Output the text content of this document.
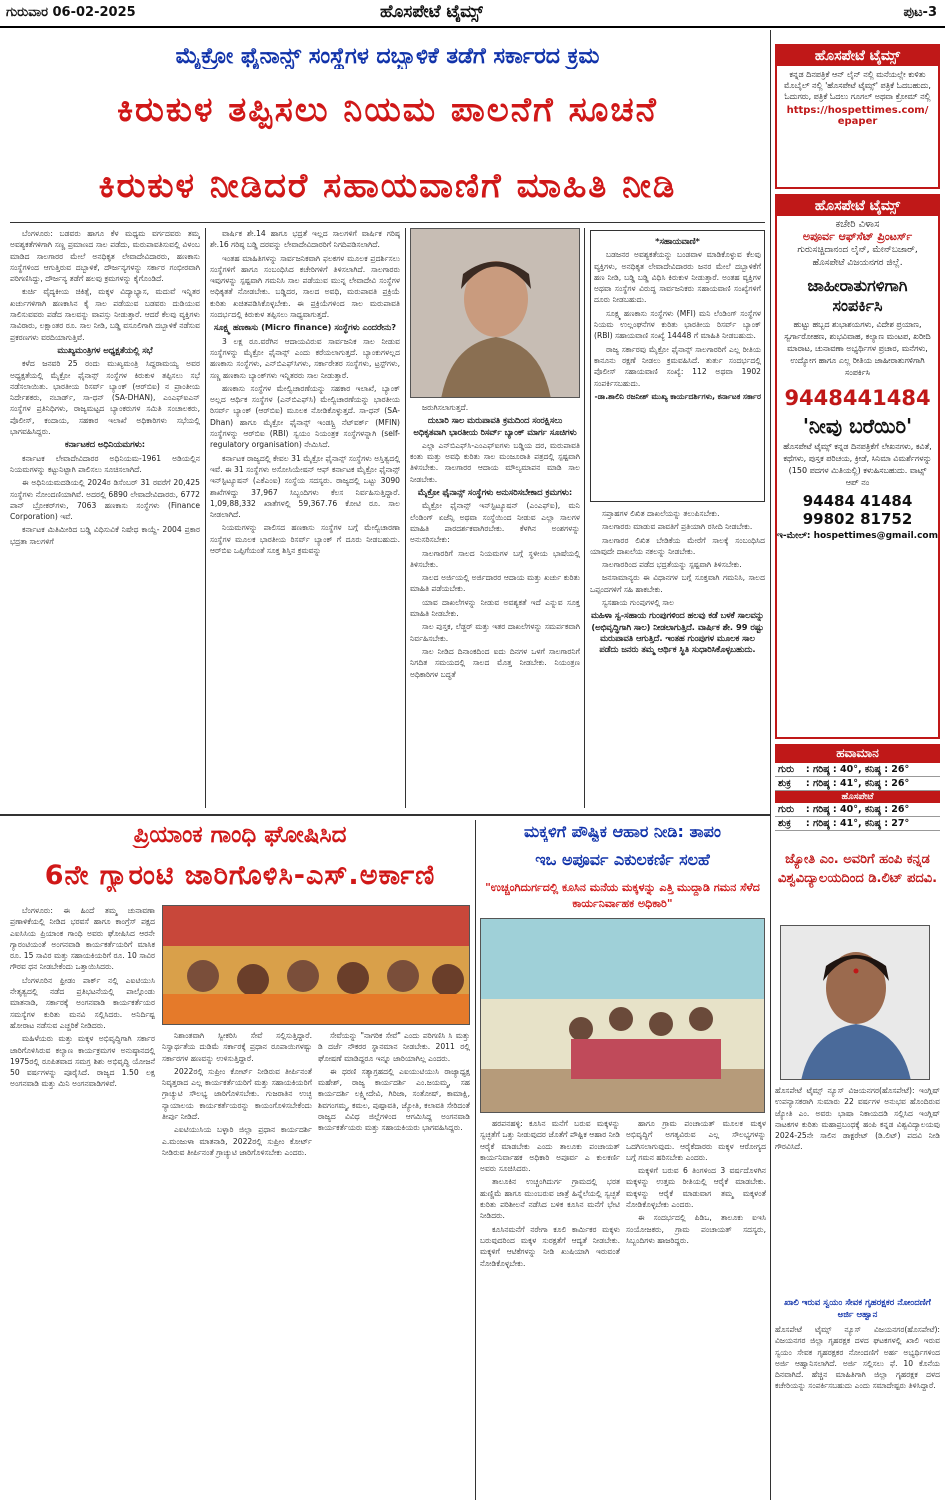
ಗುರುವಾರ 06-02-2025	ಹೊಸಪೇಟೆ ಟೈಮ್ಸ್	ಪುಟ-3
ಮೈಕ್ರೋ ಫೈನಾನ್ಸ್ ಸಂಸ್ಥೆಗಳ ದಬ್ಬಾಳಿಕೆ ತಡೆಗೆ ಸರ್ಕಾರದ ಕ್ರಮ
ಕಿರುಕುಳ ತಪ್ಪಿಸಲು ನಿಯಮ ಪಾಲನೆಗೆ ಸೂಚನೆ
ಕಿರುಕುಳ ನೀಡಿದರೆ ಸಹಾಯವಾಣಿಗೆ ಮಾಹಿತಿ ನೀಡಿ

ಬೆಂಗಳೂರು: ಬಡವರು ಹಾಗೂ ಕೆಳ ಮಧ್ಯಮ ವರ್ಗದವರು ತಮ್ಮ ಅವಶ್ಯಕತೆಗಳಿಗಾಗಿ ಸಣ್ಣ ಪ್ರಮಾಣದ ಸಾಲ ಪಡೆದು, ಮರುಪಾವತಿಸುವಲ್ಲಿ ವಿಳಂಬ ಮಾಡಿದ ಸಾಲಗಾರರ ಮೇಲೆ ಅನಧಿಕೃತ ಲೇವಾದೇವಿದಾರರು, ಹಣಕಾಸು ಸಂಸ್ಥೆಗಳಿಂದ ಆಗುತ್ತಿರುವ ದಬ್ಬಾಳಿಕೆ, ದೌರ್ಜನ್ಯಗಳನ್ನು ಸರ್ಕಾರ ಗಂಭೀರವಾಗಿ ಪರಿಗಣಿಸಿದ್ದು, ದೌರ್ಜನ್ಯ ತಡೆಗೆ ಹಲವು ಕ್ರಮಗಳನ್ನು ಕೈಗೊಂಡಿದೆ.

ಕುರ್ಚಿ ವೈದ್ಯಕೀಯ ಚಿಕಿತ್ಸೆ, ಮಕ್ಕಳ ವಿದ್ಯಾಭ್ಯಾಸ, ಮದುವೆ ಇನ್ನಿತರ ಖರ್ಚುಗಳಿಗಾಗಿ ಹಣಕಾಸಿನ ಕೈ ಸಾಲ ಪಡೆಯುವ ಬಡವರು ದುಡಿಯುವ ಸಾಲಿಸುವವರು ಪಡೆದ ಸಾಲವನ್ನು ವಾಪಸ್ಸು ನೀಡುತ್ತಾರೆ. ಆದರೆ ಕೆಲವು ವ್ಯಕ್ತಿಗಳು ಸಾವಿರಾರು, ಲಕ್ಷಾಂತರ ರೂ. ಸಾಲ ನೀಡಿ, ಬಡ್ಡಿ ವಸೂಲಿಗಾಗಿ ದಬ್ಬಾಳಿಕೆ ನಡೆಸುವ ಪ್ರಕರಣಗಳು ವರದಿಯಾಗುತ್ತಿವೆ.

ಮುಖ್ಯಮಂತ್ರಿಗಳ ಅಧ್ಯಕ್ಷತೆಯಲ್ಲಿ ಸಭೆ

ಕಳೆದ ಜನವರಿ 25 ರಂದು ಮುಖ್ಯಮಂತ್ರಿ ಸಿದ್ದರಾಮಯ್ಯ ಅವರ ಅಧ್ಯಕ್ಷತೆಯಲ್ಲಿ ಮೈಕ್ರೋ ಫೈನಾನ್ಸ್ ಸಂಸ್ಥೆಗಳ ಕಿರುಕುಳ ತಪ್ಪಿಸಲು ಸಭೆ ನಡೆಸಲಾಯಿತು. ಭಾರತೀಯ ರಿಸರ್ವ್ ಬ್ಯಾಂಕ್ (ಆರ್‌ಬಿಐ) ನ ಪ್ರಾಂತೀಯ ನಿರ್ದೇಶಕರು, ನಬಾರ್ಡ್, ಸಾ-ಧನ್ (SA-DHAN), ಎಂಎಫ್‌ಐಎನ್ ಸಂಸ್ಥೆಗಳ ಪ್ರತಿನಿಧಿಗಳು, ರಾಜ್ಯಮಟ್ಟದ ಬ್ಯಾಂಕರುಗಳ ಸಮಿತಿ ಸಂಚಾಲಕರು, ಪೊಲೀಸ್, ಕಂದಾಯ, ಸಹಕಾರ ಇಲಾಖೆ ಅಧಿಕಾರಿಗಳು ಸಭೆಯಲ್ಲಿ ಭಾಗವಹಿಸಿದ್ದರು.

ಕರ್ನಾಟಕದ ಅಧಿನಿಯಮಗಳು:

ಕರ್ನಾಟಕ ಲೇವಾದೇವಿದಾರರ ಅಧಿನಿಯಮ-1961 ಅಡಿಯಲ್ಲಿನ ನಿಯಮಗಳನ್ನು ಕಟ್ಟುನಿಟ್ಟಾಗಿ ಪಾಲಿಸಲು ಸೂಚಿಸಲಾಗಿದೆ.

ಈ ಅಧಿನಿಯಮದಡಿಯಲ್ಲಿ 2024ರ ಡಿಸೆಂಬರ್ 31 ರವರೆಗೆ 20,425 ಸಂಸ್ಥೆಗಳು ನೋಂದಣಿಯಾಗಿವೆ. ಅದರಲ್ಲಿ 6890 ಲೇವಾದೇವಿದಾರರು, 6772 ಪಾನ್ ಬ್ರೋಕರ್‌ಗಳು, 7063 ಹಣಕಾಸು ಸಂಸ್ಥೆಗಳು (Finance Corporation) ಇವೆ.

ಕರ್ನಾಟಕ ಮಿತಿಮೀರಿದ ಬಡ್ಡಿ ವಿಧಿಸುವಿಕೆ ನಿಷೇಧ ಕಾಯ್ದೆ- 2004 ಪ್ರಕಾರ ಭದ್ರತಾ ಸಾಲಗಳಿಗೆ

ವಾರ್ಷಿಕ ಶೇ.14 ಹಾಗೂ ಭದ್ರತೆ ಇಲ್ಲದ ಸಾಲಗಳಿಗೆ ವಾರ್ಷಿಕ ಗರಿಷ್ಠ ಶೇ.16 ಗರಿಷ್ಠ ಬಡ್ಡಿ ದರವನ್ನು ಲೇವಾದೇವಿದಾರರಿಗೆ ನಿಗದಿಪಡಿಸಲಾಗಿದೆ.

ಇಂತಹ ಮಾಹಿತಿಗಳನ್ನು ಸಾರ್ವಜನಿಕವಾಗಿ ಫಲಕಗಳ ಮೂಲಕ ಪ್ರದರ್ಶಿಸಲು ಸಂಸ್ಥೆಗಳಿಗೆ ಹಾಗೂ ಸಂಬಂಧಿಸಿದ ಕಚೇರಿಗಳಿಗೆ ತಿಳಿಸಲಾಗಿದೆ. ಸಾಲಗಾರರು ಇವುಗಳನ್ನು ಸ್ಪಷ್ಟವಾಗಿ ಗಮನಿಸಿ ಸಾಲ ಪಡೆಯುವ ಮುನ್ನ ಲೇವಾದೇವಿ ಸಂಸ್ಥೆಗಳ ಅಧಿಕೃತತೆ ನೋಡಬೇಕು. ಬಡ್ಡಿದರ, ಸಾಲದ ಅವಧಿ, ಮರುಪಾವತಿ ಪ್ರಕ್ರಿಯೆ ಕುರಿತು ಖಚಿತಪಡಿಸಿಕೊಳ್ಳಬೇಕು. ಈ ಪ್ರಕ್ರಿಯೆಗಳಿಂದ ಸಾಲ ಮರುಪಾವತಿ ಸಂದರ್ಭದಲ್ಲಿ ಕಿರುಕುಳ ತಪ್ಪಿಸಲು ಸಾಧ್ಯವಾಗುತ್ತದೆ.

ಸೂಕ್ಷ್ಮ ಹಣಕಾಸು (Micro finance) ಸಂಸ್ಥೆಗಳು ಎಂದರೇನು?

3 ಲಕ್ಷ ರೂ.ವರೆಗಿನ ಆದಾಯವಿರುವ ಸಾರ್ವಜನಿಕ ಸಾಲ ನೀಡುವ ಸಂಸ್ಥೆಗಳನ್ನು ಮೈಕ್ರೋ ಫೈನಾನ್ಸ್ ಎಂದು ಕರೆಯಲಾಗುತ್ತದೆ. ಬ್ಯಾಂಕುಗಳಲ್ಲದ ಹಣಕಾಸು ಸಂಸ್ಥೆಗಳು, ಎನ್‌ಬಿಎಫ್‌ಸಿಗಳು, ಸರ್ಕಾರೇತರ ಸಂಸ್ಥೆಗಳು, ಟ್ರಸ್ಟ್‌ಗಳು, ಸಣ್ಣ ಹಣಕಾಸು ಬ್ಯಾಂಕ್‌ಗಳು ಇನ್ನಿತರರು ಸಾಲ ನೀಡುತ್ತಾರೆ.

ಹಣಕಾಸು ಸಂಸ್ಥೆಗಳ ಮೇಲ್ವಿಚಾರಣೆಯನ್ನು ಸಹಕಾರ ಇಲಾಖೆ, ಬ್ಯಾಂಕ್ ಅಲ್ಲದ ಆರ್ಥಿಕ ಸಂಸ್ಥೆಗಳ (ಎನ್‌ಬಿಎಫ್‌ಸಿ) ಮೇಲ್ವಿಚಾರಣೆಯನ್ನು ಭಾರತೀಯ ರಿಸರ್ವ್ ಬ್ಯಾಂಕ್ (ಆರ್‌ಬಿಐ) ಮೂಲಕ ನೋಡಿಕೊಳ್ಳುತ್ತದೆ. ಸಾ-ಧನ್ (SA-Dhan) ಹಾಗೂ ಮೈಕ್ರೋ ಫೈನಾನ್ಸ್ ಇಂಡಸ್ಟ್ರಿ ನೆಟ್‌ವರ್ಕ್ (MFIN) ಸಂಸ್ಥೆಗಳನ್ನು ಆರ್‌ಬಿಐ (RBI) ಸ್ವಯಂ ನಿಯಂತ್ರಕ ಸಂಸ್ಥೆಗಳನ್ನಾಗಿ (self-regulatory organisation) ನೇಮಿಸಿದೆ.

ಕರ್ನಾಟಕ ರಾಜ್ಯದಲ್ಲಿ ಕೇವಲ 31 ಮೈಕ್ರೋ ಫೈನಾನ್ಸ್ ಸಂಸ್ಥೆಗಳು ಅಸ್ತಿತ್ವದಲ್ಲಿ ಇವೆ. ಈ 31 ಸಂಸ್ಥೆಗಳು ಅಸೋಸಿಯೇಷನ್ ಆಫ್ ಕರ್ನಾಟಕ ಮೈಕ್ರೋ ಫೈನಾನ್ಸ್ ಇನ್‌ಸ್ಟಿಟ್ಯೂಷನ್ (ಎಕೆಎಂಐ) ಸಂಸ್ಥೆಯ ಸದಸ್ಯರು. ರಾಜ್ಯದಲ್ಲಿ ಒಟ್ಟು 3090 ಶಾಖೆಗಳಿದ್ದು 37,967 ಸಿಬ್ಬಂದಿಗಳು ಕೆಲಸ ನಿರ್ವಹಿಸುತ್ತಿದ್ದಾರೆ. 1,09,88,332 ಖಾತೆಗಳಲ್ಲಿ 59,367.76 ಕೋಟಿ ರೂ. ಸಾಲ ನೀಡಲಾಗಿದೆ.

ನಿಯಮಗಳನ್ನು ಪಾಲಿಸದ ಹಣಕಾಸು ಸಂಸ್ಥೆಗಳ ಬಗ್ಗೆ ಮೇಲ್ವಿಚಾರಣಾ ಸಂಸ್ಥೆಗಳ ಮೂಲಕ ಭಾರತೀಯ ರಿಸರ್ವ್ ಬ್ಯಾಂಕ್ ಗೆ ದೂರು ನೀಡಬಹುದು. ಆರ್‌ಬಿಐ ಒಪ್ಪಿಗೆಯಂತೆ ಸೂಕ್ತ ಶಿಸ್ತಿನ ಕ್ರಮವನ್ನು

ಜರುಗಿಸಲಾಗುತ್ತದೆ.

ದುಬಾರಿ ಸಾಲ ಮರುಪಾವತಿ ಕ್ರಮದಿಂದ ಸಂರಕ್ಷಿಸಲು ಅಧಿಕೃತವಾಗಿ ಭಾರತೀಯ ರಿಸರ್ವ್ ಬ್ಯಾಂಕ್ ಮಾರ್ಗ ಸೂಚಿಗಳು

ಎಲ್ಲಾ ಎನ್‌ಬಿಎಫ್‌ಸಿ-ಎಂಎಫ್‌ಐಗಳು ಬಡ್ಡಿಯ ದರ, ಮರುಪಾವತಿ ಕಂತು ಮತ್ತು ಅವಧಿ ಕುರಿತು ಸಾಲ ಮಂಜೂರಾತಿ ಪತ್ರದಲ್ಲಿ ಸ್ಪಷ್ಟವಾಗಿ ತಿಳಿಸಬೇಕು. ಸಾಲಗಾರರ ಆದಾಯ ಮೌಲ್ಯಮಾಪನ ಮಾಡಿ ಸಾಲ ನೀಡಬೇಕು.

ಮೈಕ್ರೋ ಫೈನಾನ್ಸ್ ಸಂಸ್ಥೆಗಳು ಅನುಸರಿಸಬೇಕಾದ ಕ್ರಮಗಳು:

ಮೈಕ್ರೋ ಫೈನಾನ್ಸ್ ಇನ್‌ಸ್ಟಿಟ್ಯೂಷನ್ (ಎಂಎಫ್‌ಐ), ಮನಿ ಲೆಂಡಿಂಗ್ ಏಜೆನ್ಸಿ ಅಥವಾ ಸಂಸ್ಥೆಯಿಂದ ನೀಡುವ ಎಲ್ಲಾ ಸಾಲಗಳ ಮಾಹಿತಿ ಪಾರದರ್ಶಕವಾಗಿರಬೇಕು. ಕೆಳಗಿನ ಅಂಶಗಳನ್ನು ಅನುಸರಿಸಬೇಕು:

ಸಾಲಗಾರರಿಗೆ ಸಾಲದ ನಿಯಮಗಳ ಬಗ್ಗೆ ಸ್ಥಳೀಯ ಭಾಷೆಯಲ್ಲಿ ತಿಳಿಸಬೇಕು.

ಸಾಲದ ಅರ್ಜಿಯಲ್ಲಿ ಅರ್ಜಿದಾರರ ಆದಾಯ ಮತ್ತು ಖರ್ಚು ಕುರಿತು ಮಾಹಿತಿ ಪಡೆಯಬೇಕು.

ಯಾವ ದಾಖಲೆಗಳನ್ನು ನೀಡುವ ಅವಶ್ಯಕತೆ ಇದೆ ಎನ್ನುವ ಸೂಕ್ತ ಮಾಹಿತಿ ನೀಡಬೇಕು.

ಸಾಲ ಪುಸ್ತಕ, ಲೆಡ್ಜರ್ ಮತ್ತು ಇತರ ದಾಖಲೆಗಳನ್ನು ಸಮರ್ಪಕವಾಗಿ ನಿರ್ವಹಿಸಬೇಕು.

ಸಾಲ ನೀಡಿದ ದಿನಾಂಕದಿಂದ ಐದು ದಿನಗಳ ಒಳಗೆ ಸಾಲಗಾರನಿಗೆ ನಿಗದಿತ ಸಮಯದಲ್ಲಿ ಸಾಲದ ಮೊತ್ತ ನೀಡಬೇಕು. ನಿಯಂತ್ರಣ ಅಧಿಕಾರಿಗಳ ಬದ್ಧತೆ

*ಸಹಾಯವಾಣಿ*

ಬಡಜನರ ಅವಶ್ಯಕತೆಯನ್ನು ಬಂಡವಾಳ ಮಾಡಿಕೊಳ್ಳುವ ಕೆಲವು ವ್ಯಕ್ತಿಗಳು, ಅನಧಿಕೃತ ಲೇವಾದೇವಿದಾರರು ಜನರ ಮೇಲೆ ದಬ್ಬಾಳಿಕೆಗೆ ಹಣ ನೀಡಿ, ಬಡ್ಡಿ ಬಡ್ಡಿ ವಿಧಿಸಿ ಕಿರುಕುಳ ನೀಡುತ್ತಾರೆ. ಅಂತಹ ವ್ಯಕ್ತಿಗಳ ಅಥವಾ ಸಂಸ್ಥೆಗಳ ವಿರುದ್ಧ ಸಾರ್ವಜನಿಕರು ಸಹಾಯವಾಣಿ ಸಂಖ್ಯೆಗಳಿಗೆ ದೂರು ನೀಡಬಹುದು.

ಸೂಕ್ಷ್ಮ ಹಣಕಾಸು ಸಂಸ್ಥೆಗಳು (MFI) ಮನಿ ಲೆಂಡಿಂಗ್ ಸಂಸ್ಥೆಗಳ ನಿಯಮ ಉಲ್ಲಂಘನೆಗಳ ಕುರಿತು ಭಾರತೀಯ ರಿಸರ್ವ್ ಬ್ಯಾಂಕ್ (RBI) ಸಹಾಯವಾಣಿ ಸಂಖ್ಯೆ 14448 ಗೆ ಮಾಹಿತಿ ನೀಡಬಹುದು.

ರಾಜ್ಯ ಸರ್ಕಾರವು ಮೈಕ್ರೋ ಫೈನಾನ್ಸ್ ಸಾಲಗಾರರಿಗೆ ಎಲ್ಲ ರೀತಿಯ ಕಾನೂನು ರಕ್ಷಣೆ ನೀಡಲು ಕ್ರಮವಹಿಸಿದೆ. ತುರ್ತು ಸಂದರ್ಭದಲ್ಲಿ ಪೊಲೀಸ್ ಸಹಾಯವಾಣಿ ಸಂಖ್ಯೆ: 112 ಅಥವಾ 1902 ಸಂಪರ್ಕಿಸಬಹುದು.

-ಡಾ.ಶಾಲಿನಿ ರಜನೀಶ್ ಮುಖ್ಯ ಕಾರ್ಯದರ್ಶಿಗಳು, ಕರ್ನಾಟಕ ಸರ್ಕಾರ

ಸಪ್ತಾಹಗಳ ಲಿಖಿತ ದಾಖಲೆಯನ್ನು ತಲುಪಿಸಬೇಕು.

ಸಾಲಗಾರರು ಮಾಡುವ ಪಾವತಿಗೆ ಪ್ರತಿಯಾಗಿ ರಸೀದಿ ನೀಡಬೇಕು.

ಸಾಲಗಾರರ ಲಿಖಿತ ಬೇಡಿಕೆಯ ಮೇರೆಗೆ ಸಾಲಕ್ಕೆ ಸಂಬಂಧಿಸಿದ ಯಾವುದೇ ದಾಖಲೆಯ ನಕಲನ್ನು ನೀಡಬೇಕು.

ಸಾಲಗಾರರಿಂದ ಪಡೆದ ಭದ್ರತೆಯನ್ನು ಸ್ಪಷ್ಟವಾಗಿ ತಿಳಿಸಬೇಕು.

ಜನಸಾಮಾನ್ಯರು ಈ ವಿಧಾನಗಳ ಬಗ್ಗೆ ಸೂಕ್ತವಾಗಿ ಗಮನಿಸಿ, ಸಾಲದ ಒಪ್ಪಂದಗಳಿಗೆ ಸಹಿ ಹಾಕಬೇಕು.

ಸ್ವಸಹಾಯ ಗುಂಪುಗಳಲ್ಲಿ ಸಾಲ

ಮಹಿಳಾ ಸ್ವ-ಸಹಾಯ ಗುಂಪುಗಳಿಂದ ಹಲವು ಕಡೆ ಬಳಕೆ ಸಾಲವನ್ನು (ಅಭಿವೃದ್ಧಿಗಾಗಿ ಸಾಲ) ನೀಡಲಾಗುತ್ತಿದೆ. ವಾರ್ಷಿಕ ಶೇ. 99 ರಷ್ಟು ಮರುಪಾವತಿ ಆಗುತ್ತಿದೆ. ಇಂತಹ ಗುಂಪುಗಳ ಮೂಲಕ ಸಾಲ ಪಡೆದು ಜನರು ತಮ್ಮ ಆರ್ಥಿಕ ಸ್ಥಿತಿ ಸುಧಾರಿಸಿಕೊಳ್ಳಬಹುದು.

ಪ್ರಿಯಾಂಕ ಗಾಂಧಿ ಘೋಷಿಸಿದ
6ನೇ ಗ್ಯಾರಂಟಿ ಜಾರಿಗೊಳಿಸಿ-ಎಸ್.ಅರ್ಕಾಣಿ

ಬೆಂಗಳೂರು: ಈ ಹಿಂದೆ ತಮ್ಮ ಚುನಾವಣಾ ಪ್ರಣಾಳಿಕೆಯಲ್ಲಿ ನೀಡಿದ ಭರವಸೆ ಹಾಗೂ ಕಾಂಗ್ರೆಸ್ ಪಕ್ಷದ ಎಐಸಿಸಿಯ ಪ್ರಿಯಾಂಕ ಗಾಂಧಿ ಅವರು ಘೋಷಿಸಿದ ಆರನೇ ಗ್ಯಾರಂಟಿಯಂತೆ ಅಂಗನವಾಡಿ ಕಾರ್ಯಕರ್ತೆಯರಿಗೆ ಮಾಸಿಕ ರೂ. 15 ಸಾವಿರ ಮತ್ತು ಸಹಾಯಕಿಯರಿಗೆ ರೂ. 10 ಸಾವಿರ ಗೌರವ ಧನ ನೀಡಬೇಕೆಂದು ಒತ್ತಾಯಿಸಿದರು.

ಬೆಂಗಳೂರಿನ ಫ್ರೀಡಂ ಪಾರ್ಕ್ ನಲ್ಲಿ ಎಐಟಿಯುಸಿ ನೇತೃತ್ವದಲ್ಲಿ ನಡೆದ ಪ್ರತಿಭಟನೆಯಲ್ಲಿ ಪಾಲ್ಗೊಂಡು ಮಾತನಾಡಿ, ಸರ್ಕಾರಕ್ಕೆ ಅಂಗನವಾಡಿ ಕಾರ್ಯಕರ್ತೆಯರ ಸಮಸ್ಯೆಗಳ ಕುರಿತು ಮನವಿ ಸಲ್ಲಿಸಿದರು. ಅನಿರ್ದಿಷ್ಟ ಹೋರಾಟ ನಡೆಸುವ ಎಚ್ಚರಿಕೆ ನೀಡಿದರು.

ಮಹಿಳೆಯರು ಮತ್ತು ಮಕ್ಕಳ ಅಭಿವೃದ್ಧಿಗಾಗಿ ಸರ್ಕಾರ ಜಾರಿಗೊಳಿಸಿರುವ ಕಲ್ಯಾಣ ಕಾರ್ಯಕ್ರಮಗಳ ಅನುಷ್ಠಾನದಲ್ಲಿ 1975ರಲ್ಲಿ ರೂಪಿತವಾದ ಸಮಗ್ರ ಶಿಶು ಅಭಿವೃದ್ಧಿ ಯೋಜನೆ 50 ವರ್ಷಗಳನ್ನು ಪೂರೈಸಿದೆ. ರಾಜ್ಯದ 1.50 ಲಕ್ಷ ಅಂಗನವಾಡಿ ಮತ್ತು ಮಿನಿ ಅಂಗನವಾಡಿಗಳಿವೆ.

ನಿಶಾಂತವಾಗಿ ಸ್ವೀಕರಿಸಿ ಸೇವೆ ಸಲ್ಲಿಸುತ್ತಿದ್ದಾರೆ. ನಿಸ್ವಾರ್ಥತೆಯ ದುಡಿಮೆ ಸರ್ಕಾರಕ್ಕೆ ಪ್ರಧಾನ ರೂಪಾಯಿಗಳಷ್ಟು ಸರ್ಕಾರಗಳ ಹಣವನ್ನು ಉಳಿಸುತ್ತಿದ್ದಾರೆ.

2022ರಲ್ಲಿ ಸುಪ್ರೀಂ ಕೋರ್ಟ್ ನೀಡಿರುವ ತೀರ್ಪಿನಂತೆ ನಿವೃತ್ತರಾದ ಎಲ್ಲ ಕಾರ್ಯಕರ್ತೆಯರಿಗೆ ಮತ್ತು ಸಹಾಯಕಿಯರಿಗೆ ಗ್ರಾಚ್ಯುಟಿ ಸೌಲಭ್ಯ ಜಾರಿಗೊಳಿಸಬೇಕು. ಗುಜರಾತಿನ ಉಚ್ಛ ನ್ಯಾಯಾಲಯ ಕಾರ್ಯಕರ್ತೆಯರನ್ನು ಕಾಯಂಗೊಳಿಸಬೇಕೆಂದು ತೀರ್ಪು ನೀಡಿದೆ.

ಎಐಟಿಯುಸಿಯ ಬಳ್ಳಾರಿ ಜಿಲ್ಲಾ ಪ್ರಧಾನ ಕಾರ್ಯದರ್ಶಿ ಎ.ಮಂಜುಳಾ ಮಾತನಾಡಿ, 2022ರಲ್ಲಿ ಸುಪ್ರೀಂ ಕೋರ್ಟ್ ನೀಡಿರುವ ತೀರ್ಪಿನಂತೆ ಗ್ರಾಚ್ಯುಟಿ ಜಾರಿಗೊಳಿಸಬೇಕು ಎಂದರು.

ಸೇವೆಯನ್ನು "ನಾಗರಿಕ ಸೇವೆ" ಎಂದು ಪರಿಗಣಿಸಿ ಸಿ ಮತ್ತು ಡಿ ದರ್ಜೆ ನೌಕರರ ಸ್ಥಾನಮಾನ ನೀಡಬೇಕು. 2011 ರಲ್ಲಿ ಘೋಷಣೆ ಮಾಡಿದ್ದರೂ ಇನ್ನೂ ಜಾರಿಯಾಗಿಲ್ಲ ಎಂದರು.

ಈ ಧರಣಿ ಸತ್ಯಾಗ್ರಹದಲ್ಲಿ ಎಐಯುಟಿಯುಸಿ ರಾಜ್ಯಾಧ್ಯಕ್ಷ ಮಹೇಶ್, ರಾಜ್ಯ ಕಾರ್ಯದರ್ಶಿ ಎಂ.ಜಯಮ್ಮ, ಸಹ ಕಾರ್ಯದರ್ಶಿ ಲಕ್ಷ್ಮೀದೇವಿ, ಗಿರಿಜಾ, ಸಂತೋಷ್, ಕಾಮಾಕ್ಷಿ, ಶಿವಗಂಗಮ್ಮ, ಕಮಲ, ಪುಷ್ಪಾವತಿ, ಜ್ಯೋತಿ, ಕಲಾವತಿ ಸೇರಿದಂತೆ ರಾಜ್ಯದ ವಿವಿಧ ಜಿಲ್ಲೆಗಳಿಂದ ಆಗಮಿಸಿದ್ದ ಅಂಗನವಾಡಿ ಕಾರ್ಯಕರ್ತೆಯರು ಮತ್ತು ಸಹಾಯಕಿಯರು ಭಾಗವಹಿಸಿದ್ದರು.

ಮಕ್ಕಳಿಗೆ ಪೌಷ್ಟಿಕ ಆಹಾರ ನೀಡಿ: ತಾಪಂ
ಇಒ ಅಪೂರ್ವ ಎಕುಲಕರ್ಣಿ ಸಲಹೆ
"ಉಚ್ಚಂಗಿದುರ್ಗದಲ್ಲಿ ಕೂಸಿನ ಮನೆಯ ಮಕ್ಕಳನ್ನು ಎತ್ತಿ ಮುದ್ದಾಡಿ ಗಮನ ಸೆಳೆದ ಕಾರ್ಯನಿರ್ವಾಹಕ ಅಧಿಕಾರಿ"

ಹರಪನಹಳ್ಳಿ: ಕೂಸಿನ ಮನೆಗೆ ಬರುವ ಮಕ್ಕಳನ್ನು ಸ್ವಚ್ಛತೆಗೆ ಒತ್ತು ನೀಡುವುದರ ಜೊತೆಗೆ ಪೌಷ್ಟಿಕ ಆಹಾರ ನೀಡಿ ಆರೈಕೆ ಮಾಡಬೇಕು ಎಂದು ತಾಲೂಕು ಪಂಚಾಯತ್ ಕಾರ್ಯನಿರ್ವಾಹಕ ಅಧಿಕಾರಿ ಅಪೂರ್ವ ಎ ಕುಲಕರ್ಣಿ ಅವರು ಸೂಚಿಸಿದರು.

ತಾಲೂಕಿನ ಉಚ್ಚಂಗಿದುರ್ಗ ಗ್ರಾಮದಲ್ಲಿ ಭರತ ಹುಣ್ಣಿಮೆ ಹಾಗೂ ಮುಂಬರುವ ಜಾತ್ರೆ ಹಿನ್ನೆಲೆಯಲ್ಲಿ ಸ್ವಚ್ಛತೆ ಕುರಿತು ಪರಿಶೀಲನೆ ನಡೆಸಿದ ಬಳಿಕ ಕೂಸಿನ ಮನೆಗೆ ಭೇಟಿ ನೀಡಿದರು.

ಕೂಸಿನಮನೆಗೆ ನರೇಗಾ ಕೂಲಿ ಕಾರ್ಮಿಕರ ಮಕ್ಕಳು ಬರುವುದರಿಂದ ಮಕ್ಕಳ ಸುರಕ್ಷತೆಗೆ ಆದ್ಯತೆ ನೀಡಬೇಕು. ಮಕ್ಕಳಿಗೆ ಆಟಿಕೆಗಳನ್ನು ನೀಡಿ ಖುಷಿಯಾಗಿ ಇರುವಂತೆ ನೋಡಿಕೊಳ್ಳಬೇಕು.

ಹಾಗೂ ಗ್ರಾಮ ಪಂಚಾಯತ್ ಮೂಲಕ ಮಕ್ಕಳ ಅಭಿವೃದ್ಧಿಗೆ ಅಗತ್ಯವಿರುವ ಎಲ್ಲ ಸೌಲಭ್ಯಗಳನ್ನು ಒದಗಿಸಲಾಗುವುದು. ಆರೈಕೆದಾರರು ಮಕ್ಕಳ ಆರೋಗ್ಯದ ಬಗ್ಗೆ ಗಮನ ಹರಿಸಬೇಕು ಎಂದರು.

ಮಕ್ಕಳಿಗೆ ಬರುವ 6 ತಿಂಗಳಿಂದ 3 ವರ್ಷದೊಳಗಿನ ಮಕ್ಕಳನ್ನು ಉತ್ತಮ ರೀತಿಯಲ್ಲಿ ಆರೈಕೆ ಮಾಡಬೇಕು. ಮಕ್ಕಳನ್ನು ಆರೈಕೆ ಮಾಡುವಾಗ ತಮ್ಮ ಮಕ್ಕಳಂತೆ ನೋಡಿಕೊಳ್ಳಬೇಕು ಎಂದರು.

ಈ ಸಂದರ್ಭದಲ್ಲಿ ಪಿಡಿಒ, ತಾಲೂಕು ಐಇಸಿ ಸಂಯೋಜಕರು, ಗ್ರಾಮ ಪಂಚಾಯತ್ ಸದಸ್ಯರು, ಸಿಬ್ಬಂದಿಗಳು ಹಾಜರಿದ್ದರು.

ಹೊಸಪೇಟೆ ಟೈಮ್ಸ್
ಕನ್ನಡ ದಿನಪತ್ರಿಕೆ ಆನ್ ಲೈನ್ ನಲ್ಲಿ ಮನೆಯಲ್ಲೇ ಕುಳಿತು ಮೊಬೈಲ್ ನಲ್ಲಿ 'ಹೊಸಪೇಟೆ ಟೈಮ್ಸ್' ಪತ್ರಿಕೆ ಓದಬಹುದು, ಓದುಗರು, ಪತ್ರಿಕೆ ಓದಲು ಗೂಗಲ್ ಅಥವಾ ಕ್ರೋಮ್ ನಲ್ಲಿ
https://hospettimes.com/
epaper
ಹೊಸಪೇಟೆ ಟೈಮ್ಸ್
ಕಚೇರಿ ವಿಳಾಸ
ಅಪೂರ್ವ ಆಫ್‌ಸೆಟ್ ಪ್ರಿಂಟರ್ಸ್
ಗುರುಸಚ್ಚಿದಾನಂದ ಲೈನ್, ಮೇನ್‌ಬಜಾರ್, ಹೊಸಪೇಟೆ ವಿಜಯನಗರ ಜಿಲ್ಲೆ.
ಜಾಹೀರಾತುಗಳಿಗಾಗಿ
ಸಂಪರ್ಕಿಸಿ
ಹುಟ್ಟು ಹಬ್ಬದ ಶುಭಾಶಯಗಳು, ವಿದೇಶ ಪ್ರಯಾಣ, ಸ್ವರ್ಗಾರೋಹಣ, ಶುಭವಿವಾಹ, ಕಲ್ಯಾಣ ಮಂಟಪ, ಖರೀದಿ ಮಾರಾಟ, ಚುನಾವಣಾ ಅಭ್ಯರ್ಥಿಗಳ ಪ್ರಚಾರ, ಮನೆಗಳು, ಉದ್ಯೋಗ ಹಾಗೂ ಎಲ್ಲ ರೀತಿಯ ಜಾಹೀರಾತುಗಳಿಗಾಗಿ ಸಂಪರ್ಕಿಸಿ
9448441484
'ನೀವು ಬರೆಯಿರಿ'
ಹೊಸಪೇಟೆ ಟೈಮ್ಸ್ ಕನ್ನಡ ದಿನಪತ್ರಿಕೆಗೆ ಲೇಖನಗಳು, ಕವಿತೆ, ಕಥೆಗಳು, ಪುಸ್ತಕ ಪರಿಚಯ, ಕ್ರೀಡೆ, ಸಿನಿಮಾ ವಿಮರ್ಶೆಗಳನ್ನು (150 ಪದಗಳ ಮಿತಿಯಲ್ಲಿ) ಕಳುಹಿಸಬಹುದು. ವಾಟ್ಸ್ ಆಪ್ ನಂ
94484 41484
99802 81752
ಇ-ಮೇಲ್: hospettimes@gmail.com
ಹವಾಮಾನ
ಗುರು	: ಗರಿಷ್ಠ : 40°, ಕನಿಷ್ಠ : 26°
ಶುಕ್ರ	: ಗರಿಷ್ಠ : 41°, ಕನಿಷ್ಠ : 26°
ಹೊಸಪೇಟೆ
ಗುರು	: ಗರಿಷ್ಠ : 40°, ಕನಿಷ್ಠ : 26°
ಶುಕ್ರ	: ಗರಿಷ್ಠ : 41°, ಕನಿಷ್ಠ : 27°
ಜ್ಯೋತಿ ಎಂ. ಅವರಿಗೆ ಹಂಪಿ ಕನ್ನಡ ವಿಶ್ವವಿದ್ಯಾಲಯದಿಂದ ಡಿ.ಲಿಟ್ ಪದವಿ.
ಹೊಸಪೇಟೆ ಟೈಮ್ಸ್ ನ್ಯೂಸ್ ವಿಜಯನಗರ(ಹೊಸಪೇಟೆ): ಇಂಗ್ಲಿಷ್ ಉಪನ್ಯಾಸಕರಾಗಿ ಸುಮಾರು 22 ವರ್ಷಗಳ ಅನುಭವ ಹೊಂದಿರುವ ಜ್ಯೋತಿ ಎಂ. ಅವರು ಭಾಷಾ ನಿಕಾಯದಡಿ ಸಲ್ಲಿಸಿದ ಇಂಗ್ಲಿಷ್ ನಾಟಕಗಳ ಕುರಿತು ಮಹಾಪ್ರಬಂಧಕ್ಕೆ ಹಂಪಿ ಕನ್ನಡ ವಿಶ್ವವಿದ್ಯಾಲಯವು 2024-25ನೇ ಸಾಲಿನ ಡಾಕ್ಟರೇಟ್ (ಡಿ.ಲಿಟ್) ಪದವಿ ನೀಡಿ ಗೌರವಿಸಿದೆ.
ಖಾಲಿ ಇರುವ ಸ್ವಯಂ ಸೇವಕ ಗೃಹರಕ್ಷಕರ ನೋಂದಣಿಗೆ ಅರ್ಜಿ ಆಹ್ವಾನ
ಹೊಸಪೇಟೆ ಟೈಮ್ಸ್ ನ್ಯೂಸ್ ವಿಜಯನಗರ(ಹೊಸಪೇಟೆ): ವಿಜಯನಗರ ಜಿಲ್ಲಾ ಗೃಹರಕ್ಷಕ ದಳದ ಘಟಕಗಳಲ್ಲಿ ಖಾಲಿ ಇರುವ ಸ್ವಯಂ ಸೇವಕ ಗೃಹರಕ್ಷಕರ ನೋಂದಣಿಗೆ ಅರ್ಹ ಅಭ್ಯರ್ಥಿಗಳಿಂದ ಅರ್ಜಿ ಆಹ್ವಾನಿಸಲಾಗಿದೆ. ಅರ್ಜಿ ಸಲ್ಲಿಸಲು ಫೆ. 10 ಕೊನೆಯ ದಿನವಾಗಿದೆ. ಹೆಚ್ಚಿನ ಮಾಹಿತಿಗಾಗಿ ಜಿಲ್ಲಾ ಗೃಹರಕ್ಷಕ ದಳದ ಕಚೇರಿಯನ್ನು ಸಂಪರ್ಕಿಸಬಹುದು ಎಂದು ಸಮಾದೇಷ್ಟರು ತಿಳಿಸಿದ್ದಾರೆ.
